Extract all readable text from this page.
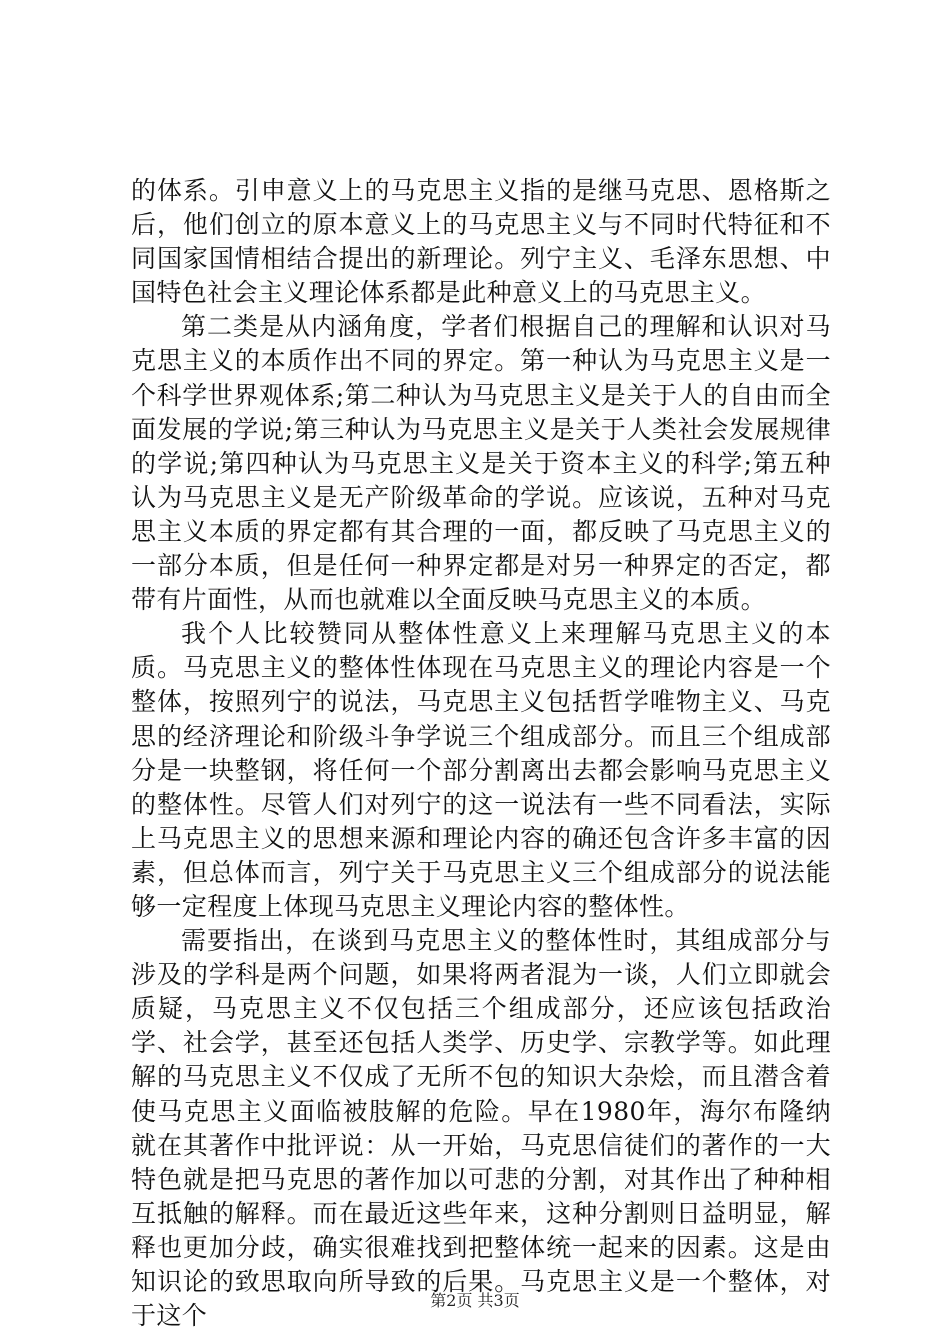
的体系。引申意义上的马克思主义指的是继马克思、恩格斯之后，他们创立的原本意义上的马克思主义与不同时代特征和不同国家国情相结合提出的新理论。列宁主义、毛泽东思想、中国特色社会主义理论体系都是此种意义上的马克思主义。

第二类是从内涵角度，学者们根据自己的理解和认识对马克思主义的本质作出不同的界定。第一种认为马克思主义是一个科学世界观体系;第二种认为马克思主义是关于人的自由而全面发展的学说;第三种认为马克思主义是关于人类社会发展规律的学说;第四种认为马克思主义是关于资本主义的科学;第五种认为马克思主义是无产阶级革命的学说。应该说，五种对马克思主义本质的界定都有其合理的一面，都反映了马克思主义的一部分本质，但是任何一种界定都是对另一种界定的否定，都带有片面性，从而也就难以全面反映马克思主义的本质。

我个人比较赞同从整体性意义上来理解马克思主义的本质。马克思主义的整体性体现在马克思主义的理论内容是一个整体，按照列宁的说法，马克思主义包括哲学唯物主义、马克思的经济理论和阶级斗争学说三个组成部分。而且三个组成部分是一块整钢，将任何一个部分割离出去都会影响马克思主义的整体性。尽管人们对列宁的这一说法有一些不同看法，实际上马克思主义的思想来源和理论内容的确还包含许多丰富的因素，但总体而言，列宁关于马克思主义三个组成部分的说法能够一定程度上体现马克思主义理论内容的整体性。

需要指出，在谈到马克思主义的整体性时，其组成部分与涉及的学科是两个问题，如果将两者混为一谈，人们立即就会质疑，马克思主义不仅包括三个组成部分，还应该包括政治学、社会学，甚至还包括人类学、历史学、宗教学等。如此理解的马克思主义不仅成了无所不包的知识大杂烩，而且潜含着使马克思主义面临被肢解的危险。早在1980年，海尔布隆纳就在其著作中批评说：从一开始，马克思信徒们的著作的一大特色就是把马克思的著作加以可悲的分割，对其作出了种种相互抵触的解释。而在最近这些年来，这种分割则日益明显，解释也更加分歧，确实很难找到把整体统一起来的因素。这是由知识论的致思取向所导致的后果。马克思主义是一个整体，对于这个

第2页 共3页
